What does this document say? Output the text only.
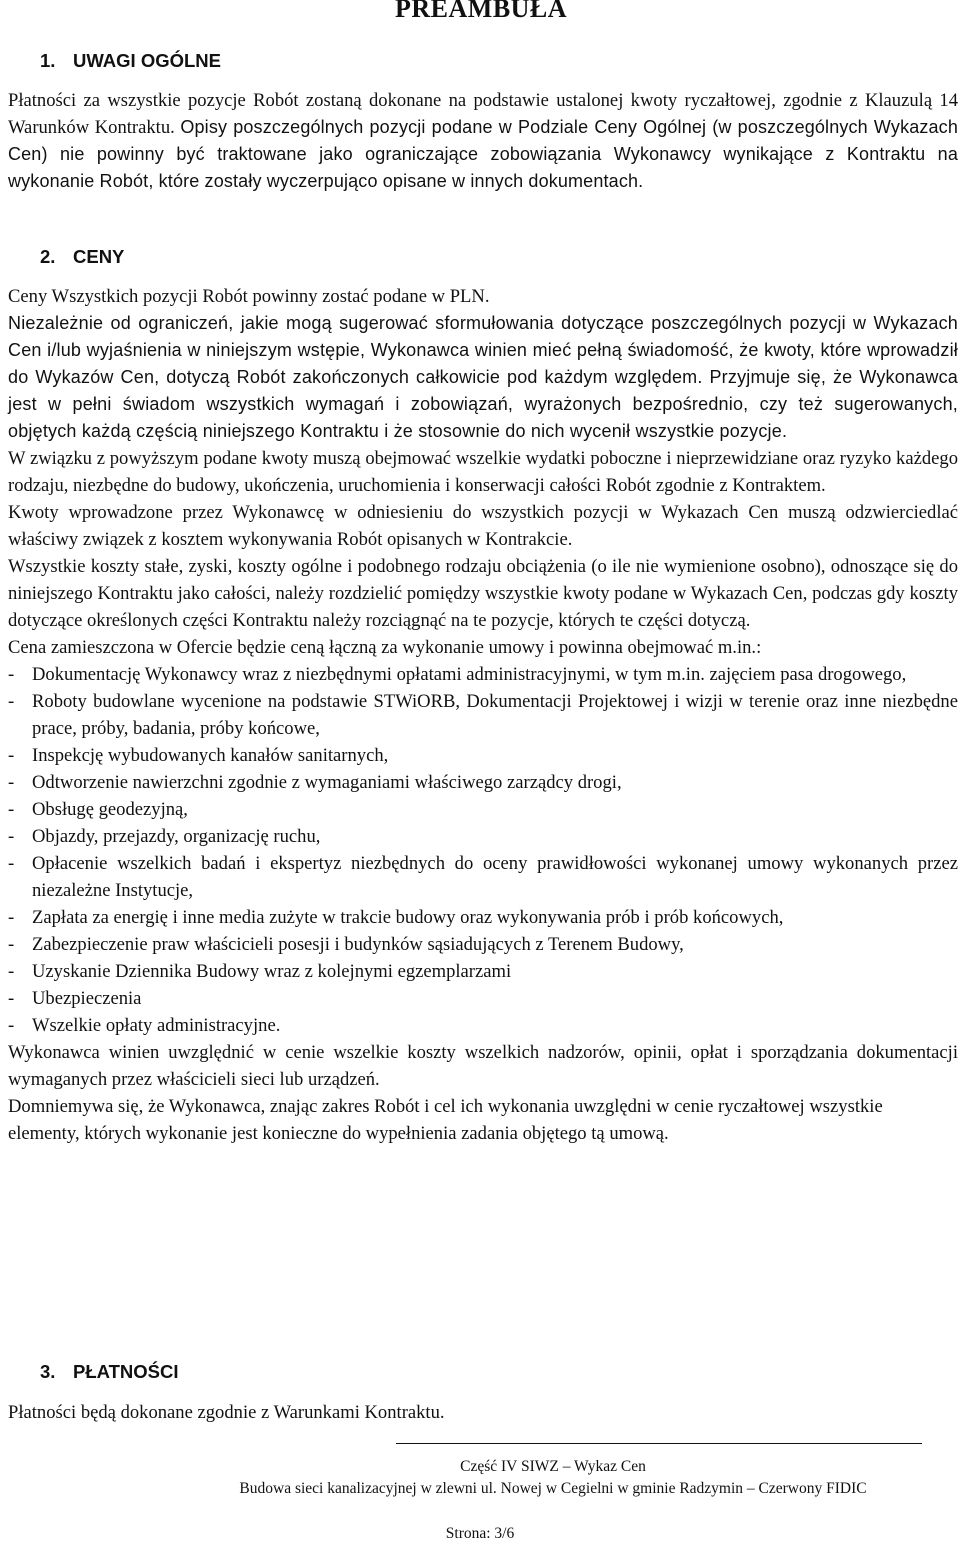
PREAMBUŁA
1. UWAGI OGÓLNE

Płatności za wszystkie pozycje Robót zostaną dokonane na podstawie ustalonej kwoty ryczałtowej, zgodnie z Klauzulą 14 Warunków Kontraktu. Opisy poszczególnych pozycji podane w Podziale Ceny Ogólnej (w poszczególnych Wykazach Cen) nie powinny być traktowane jako ograniczające zobowiązania Wykonawcy wynikające z Kontraktu na wykonanie Robót, które zostały wyczerpująco opisane w innych dokumentach.

2. CENY

Ceny Wszystkich pozycji Robót powinny zostać podane w PLN.

Niezależnie od ograniczeń, jakie mogą sugerować sformułowania dotyczące poszczególnych pozycji w Wykazach Cen i/lub wyjaśnienia w niniejszym wstępie, Wykonawca winien mieć pełną świadomość, że kwoty, które wprowadził do Wykazów Cen, dotyczą Robót zakończonych całkowicie pod każdym względem. Przyjmuje się, że Wykonawca jest w pełni świadom wszystkich wymagań i zobowiązań, wyrażonych bezpośrednio, czy też sugerowanych, objętych każdą częścią niniejszego Kontraktu i że stosownie do nich wycenił wszystkie pozycje.

W związku z powyższym podane kwoty muszą obejmować wszelkie wydatki poboczne i nieprzewidziane oraz ryzyko każdego rodzaju, niezbędne do budowy, ukończenia, uruchomienia i konserwacji całości Robót zgodnie z Kontraktem.

Kwoty wprowadzone przez Wykonawcę w odniesieniu do wszystkich pozycji w Wykazach Cen muszą odzwierciedlać właściwy związek z kosztem wykonywania Robót opisanych w Kontrakcie.

Wszystkie koszty stałe, zyski, koszty ogólne i podobnego rodzaju obciążenia (o ile nie wymienione osobno), odnoszące się do niniejszego Kontraktu jako całości, należy rozdzielić pomiędzy wszystkie kwoty podane w Wykazach Cen, podczas gdy koszty dotyczące określonych części Kontraktu należy rozciągnąć na te pozycje, których te części dotyczą.

Cena zamieszczona w Ofercie będzie ceną łączną za wykonanie umowy i powinna obejmować m.in.:

- Dokumentację Wykonawcy wraz z niezbędnymi opłatami administracyjnymi, w tym m.in. zajęciem pasa drogowego,
- Roboty budowlane wycenione na podstawie STWiORB, Dokumentacji Projektowej i wizji w terenie oraz inne niezbędne prace, próby, badania, próby końcowe,
- Inspekcję wybudowanych kanałów sanitarnych,
- Odtworzenie nawierzchni zgodnie z wymaganiami właściwego zarządcy drogi,
- Obsługę geodezyjną,
- Objazdy, przejazdy, organizację ruchu,
- Opłacenie wszelkich badań i ekspertyz niezbędnych do oceny prawidłowości wykonanej umowy wykonanych przez niezależne Instytucje,
- Zapłata za energię i inne media zużyte w trakcie budowy oraz wykonywania prób i prób końcowych,
- Zabezpieczenie praw właścicieli posesji i budynków sąsiadujących z Terenem Budowy,
- Uzyskanie Dziennika Budowy wraz z kolejnymi egzemplarzami
- Ubezpieczenia
- Wszelkie opłaty administracyjne.

Wykonawca winien uwzględnić w cenie wszelkie koszty wszelkich nadzorów, opinii, opłat i sporządzania dokumentacji wymaganych przez właścicieli sieci lub urządzeń.

Domniemywa się, że Wykonawca, znając zakres Robót i cel ich wykonania uwzględni w cenie ryczałtowej wszystkie elementy, których wykonanie jest konieczne do wypełnienia zadania objętego tą umową.

3. PŁATNOŚCI

Płatności będą dokonane zgodnie z Warunkami Kontraktu.

Część IV SIWZ – Wykaz Cen

Budowa sieci kanalizacyjnej w zlewni ul. Nowej w Cegielni w gminie Radzymin – Czerwony FIDIC

Strona: 3/6
